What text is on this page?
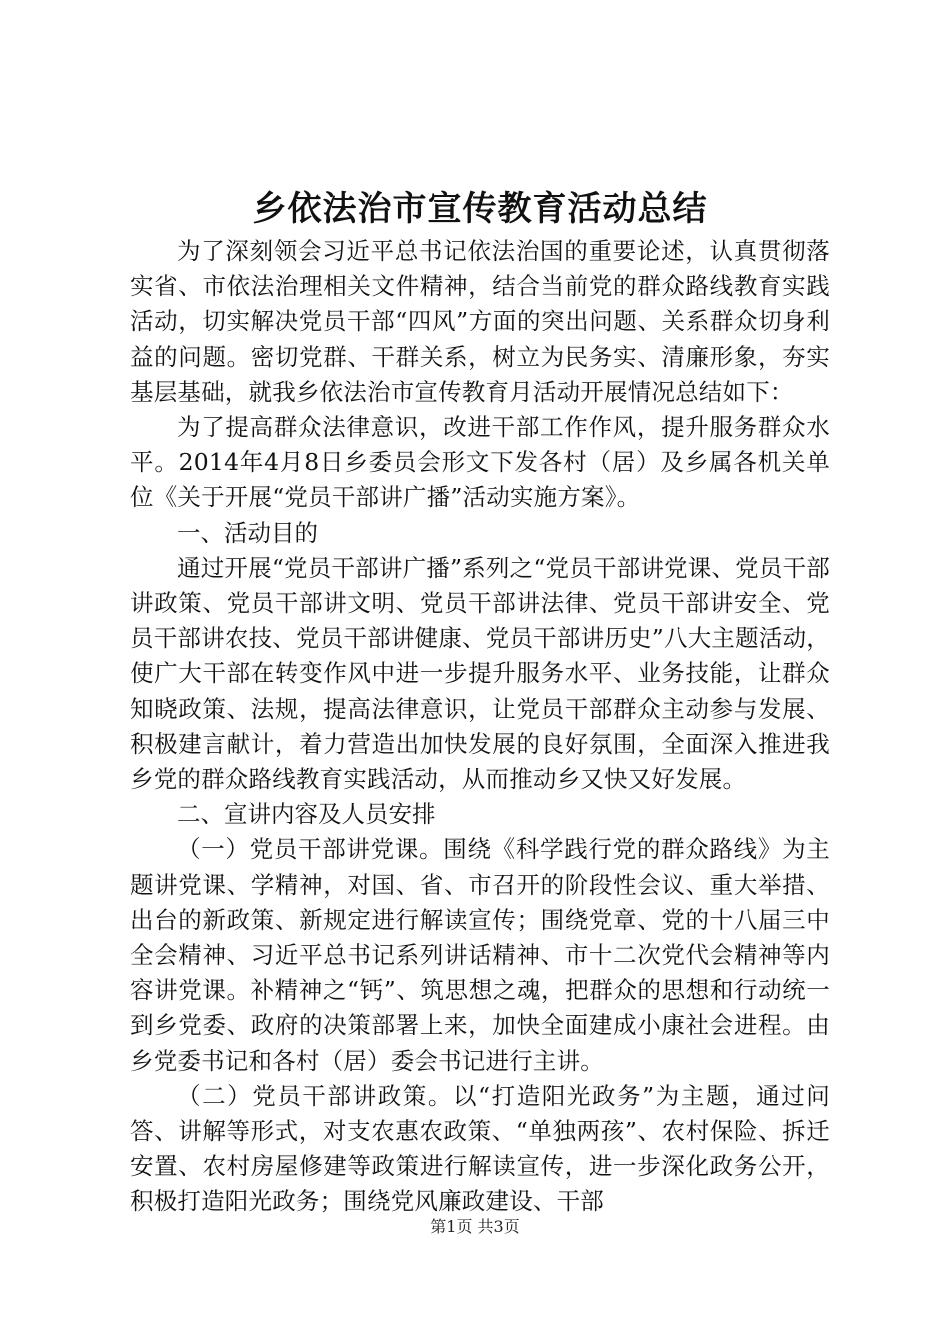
乡依法治市宣传教育活动总结

为了深刻领会习近平总书记依法治国的重要论述，认真贯彻落实省、市依法治理相关文件精神，结合当前党的群众路线教育实践活动，切实解决党员干部“四风”方面的突出问题、关系群众切身利益的问题。密切党群、干群关系，树立为民务实、清廉形象，夯实基层基础，就我乡依法治市宣传教育月活动开展情况总结如下：

为了提高群众法律意识，改进干部工作作风，提升服务群众水平。2014年4月8日乡委员会形文下发各村（居）及乡属各机关单位《关于开展“党员干部讲广播”活动实施方案》。

一、活动目的

通过开展“党员干部讲广播”系列之“党员干部讲党课、党员干部讲政策、党员干部讲文明、党员干部讲法律、党员干部讲安全、党员干部讲农技、党员干部讲健康、党员干部讲历史”八大主题活动，使广大干部在转变作风中进一步提升服务水平、业务技能，让群众知晓政策、法规，提高法律意识，让党员干部群众主动参与发展、积极建言献计，着力营造出加快发展的良好氛围，全面深入推进我乡党的群众路线教育实践活动，从而推动乡又快又好发展。

二、宣讲内容及人员安排

（一）党员干部讲党课。围绕《科学践行党的群众路线》为主题讲党课、学精神，对国、省、市召开的阶段性会议、重大举措、出台的新政策、新规定进行解读宣传；围绕党章、党的十八届三中全会精神、习近平总书记系列讲话精神、市十二次党代会精神等内容讲党课。补精神之“钙”、筑思想之魂，把群众的思想和行动统一到乡党委、政府的决策部署上来，加快全面建成小康社会进程。由乡党委书记和各村（居）委会书记进行主讲。

（二）党员干部讲政策。以“打造阳光政务”为主题，通过问答、讲解等形式，对支农惠农政策、“单独两孩”、农村保险、拆迁安置、农村房屋修建等政策进行解读宣传，进一步深化政务公开，积极打造阳光政务；围绕党风廉政建设、干部

第1页 共3页
